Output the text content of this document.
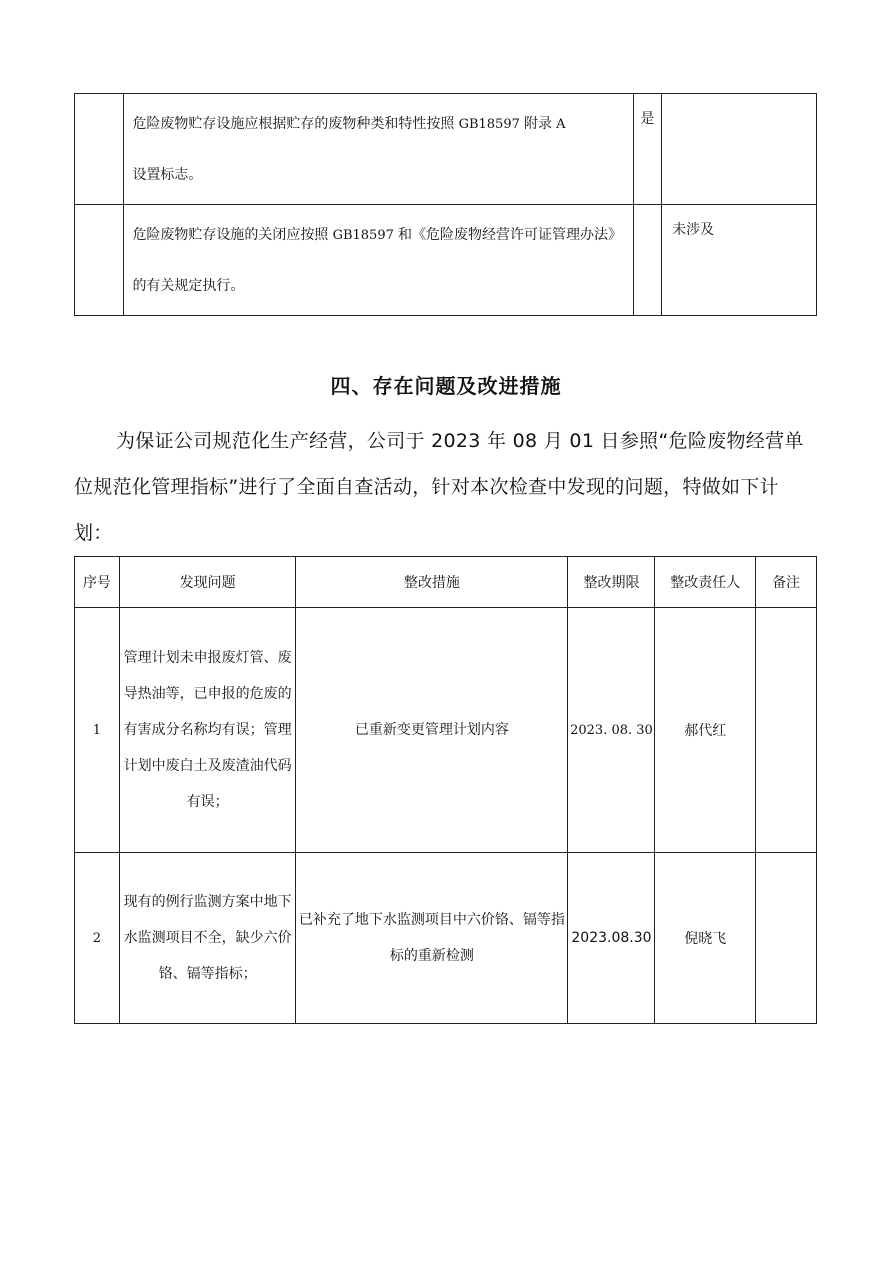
	危险废物贮存设施应根据贮存的废物种类和特性按照 GB18597 附录 A
设置标志。	是	
	危险废物贮存设施的关闭应按照 GB18597 和《危险废物经营许可证管理办法》的有关规定执行。		未涉及
四、存在问题及改进措施

为保证公司规范化生产经营，公司于 2023 年 08 月 01 日参照“危险废物经营单位规范化管理指标”进行了全面自查活动，针对本次检查中发现的问题，特做如下计划：

序号	发现问题	整改措施	整改期限	整改责任人	备注
1	管理计划未申报废灯管、废导热油等，已申报的危废的有害成分名称均有误；管理计划中废白土及废渣油代码有误；	已重新变更管理计划内容	2023. 08. 30	郝代红	
2	现有的例行监测方案中地下水监测项目不全，缺少六价铬、镉等指标；	已补充了地下水监测项目中六价铬、镉等指标的重新检测	2023.08.30	倪晓飞	
